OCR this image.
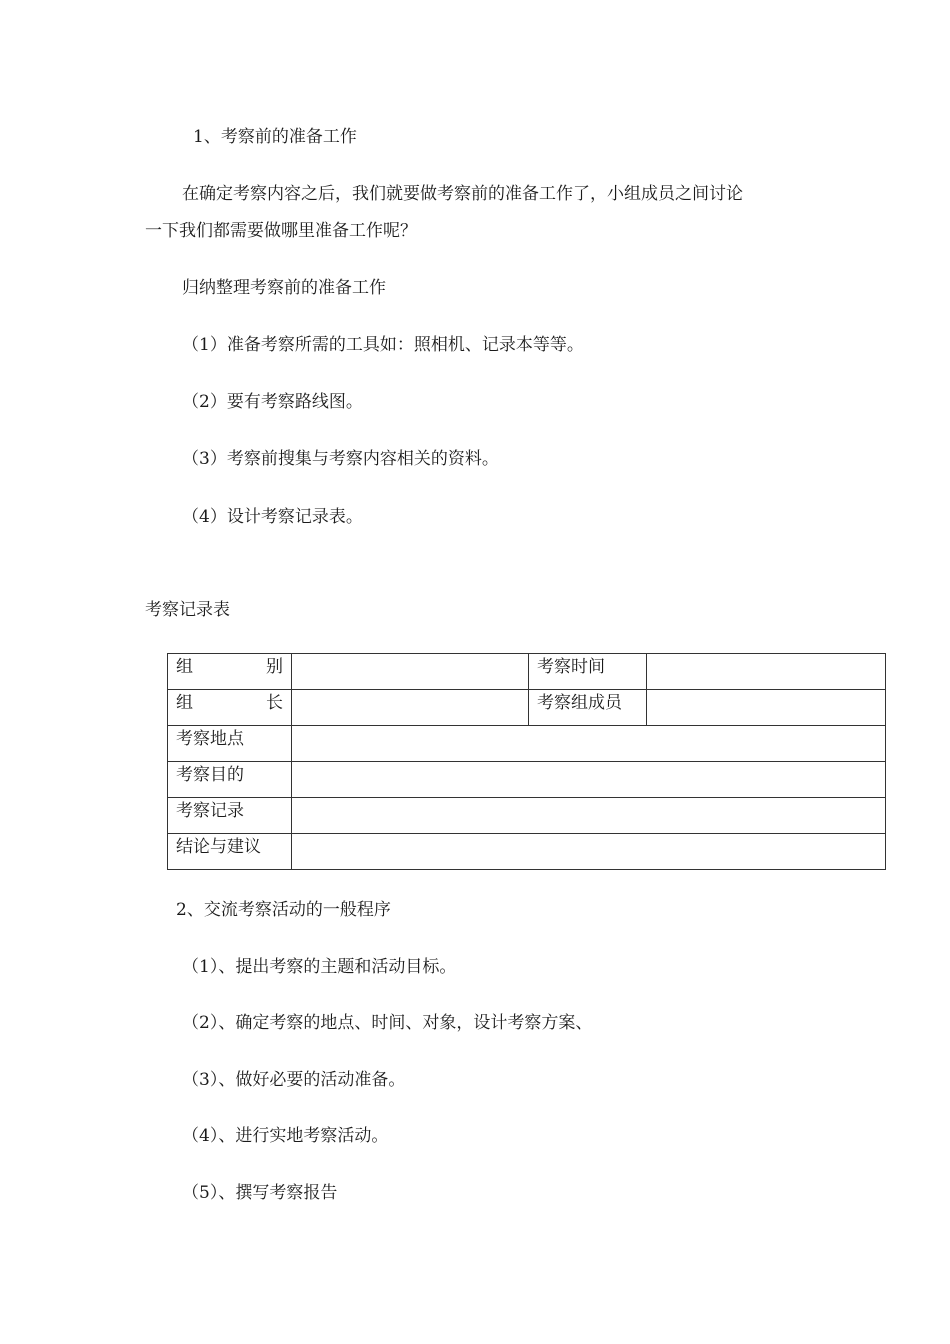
1、考察前的准备工作
在确定考察内容之后，我们就要做考察前的准备工作了，小组成员之间讨论
一下我们都需要做哪里准备工作呢？
归纳整理考察前的准备工作
（1）准备考察所需的工具如：照相机、记录本等等。
（2）要有考察路线图。
（3）考察前搜集与考察内容相关的资料。
（4）设计考察记录表。
考察记录表
组 别		考察时间	

组 长		考察组成员	
考察地点			
考察目的			
考察记录			
结论与建议			
2、交流考察活动的一般程序
（1）、提出考察的主题和活动目标。
（2）、确定考察的地点、时间、对象，设计考察方案、
（3）、做好必要的活动准备。
（4）、进行实地考察活动。
（5）、撰写考察报告
